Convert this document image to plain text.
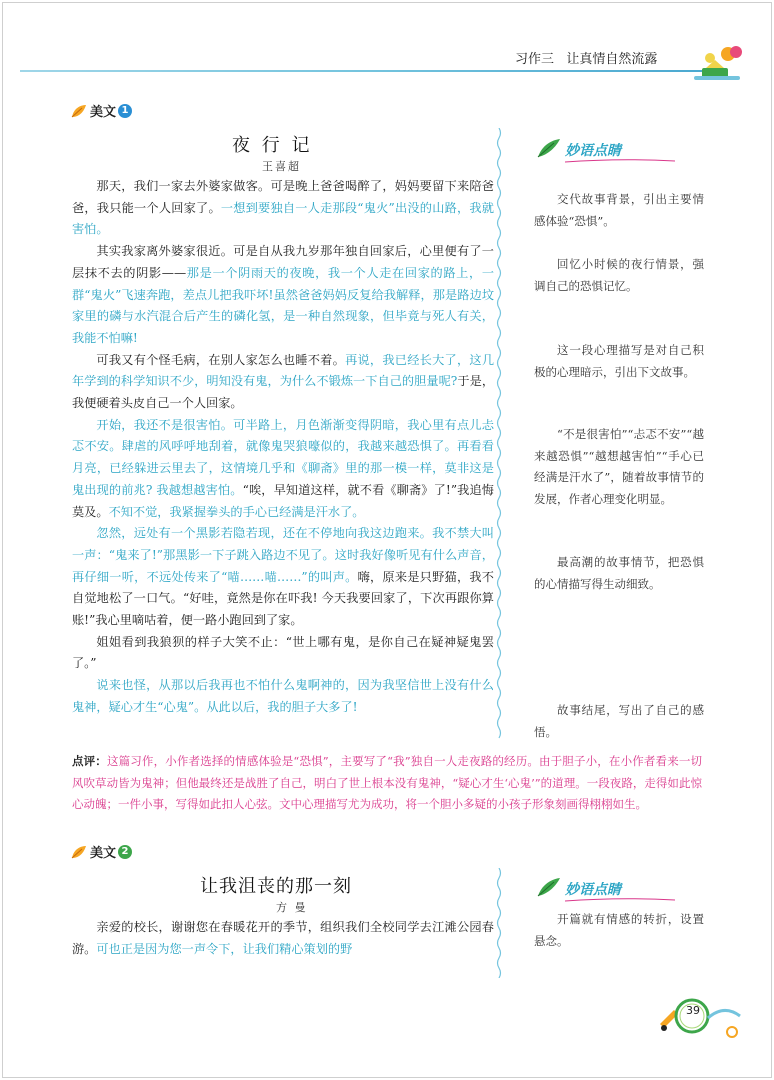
习作三 让真情自然流露
美文 1
夜 行 记
王喜超

那天，我们一家去外婆家做客。可是晚上爸爸喝醉了，妈妈要留下来陪爸爸，我只能一个人回家了。一想到要独自一人走那段“鬼火”出没的山路，我就害怕。

其实我家离外婆家很近。可是自从我九岁那年独自回家后，心里便有了一层抹不去的阴影——那是一个阴雨天的夜晚，我一个人走在回家的路上，一群“鬼火”飞速奔跑，差点儿把我吓坏!虽然爸爸妈妈反复给我解释，那是路边坟家里的磷与水汽混合后产生的磷化氢，是一种自然现象，但毕竟与死人有关，我能不怕嘛!

可我又有个怪毛病，在别人家怎么也睡不着。再说，我已经长大了，这几年学到的科学知识不少，明知没有鬼，为什么不锻炼一下自己的胆量呢?于是，我便硬着头皮自己一个人回家。

开始，我还不是很害怕。可半路上，月色渐渐变得阴暗，我心里有点儿忐忑不安。肆虐的风呼呼地刮着，就像鬼哭狼嚎似的，我越来越恐惧了。再看看月亮，已经躲进云里去了，这情境几乎和《聊斋》里的那一模一样，莫非这是鬼出现的前兆? 我越想越害怕。“唉，早知道这样，就不看《聊斋》了!”我追悔莫及。不知不觉，我紧握拳头的手心已经满是汗水了。

忽然，远处有一个黑影若隐若现，还在不停地向我这边跑来。我不禁大叫一声：“鬼来了!”那黑影一下子跳入路边不见了。这时我好像听见有什么声音，再仔细一听，不远处传来了“喵……喵……”的叫声。嗨，原来是只野猫，我不自觉地松了一口气。“好哇，竟然是你在吓我! 今天我要回家了，下次再跟你算账!”我心里嘀咕着，便一路小跑回到了家。

姐姐看到我狼狈的样子大笑不止：“世上哪有鬼，是你自己在疑神疑鬼罢了。”

说来也怪，从那以后我再也不怕什么鬼啊神的，因为我坚信世上没有什么鬼神，疑心才生“心鬼”。从此以后，我的胆子大多了!

妙语点睛
交代故事背景，引出主要情感体验“恐惧”。
回忆小时候的夜行情景，强调自己的恐惧记忆。
这一段心理描写是对自己积极的心理暗示，引出下文故事。
“不是很害怕”“忐忑不安”“越来越恐惧”“越想越害怕”“手心已经满是汗水了”，随着故事情节的发展，作者心理变化明显。
最高潮的故事情节，把恐惧的心情描写得生动细致。
故事结尾，写出了自己的感悟。
点评：这篇习作，小作者选择的情感体验是“恐惧”，主要写了“我”独自一人走夜路的经历。由于胆子小，在小作者看来一切风吹草动皆为鬼神；但他最终还是战胜了自己，明白了世上根本没有鬼神，“疑心才生‘心鬼’”的道理。一段夜路，走得如此惊心动魄；一件小事，写得如此扣人心弦。文中心理描写尤为成功，将一个胆小多疑的小孩子形象刻画得栩栩如生。
美文 2
让我沮丧的那一刻
方 曼

亲爱的校长，谢谢您在春暖花开的季节，组织我们全校同学去江滩公园春游。可也正是因为您一声令下，让我们精心策划的野

妙语点睛
开篇就有情感的转折，设置悬念。
39
